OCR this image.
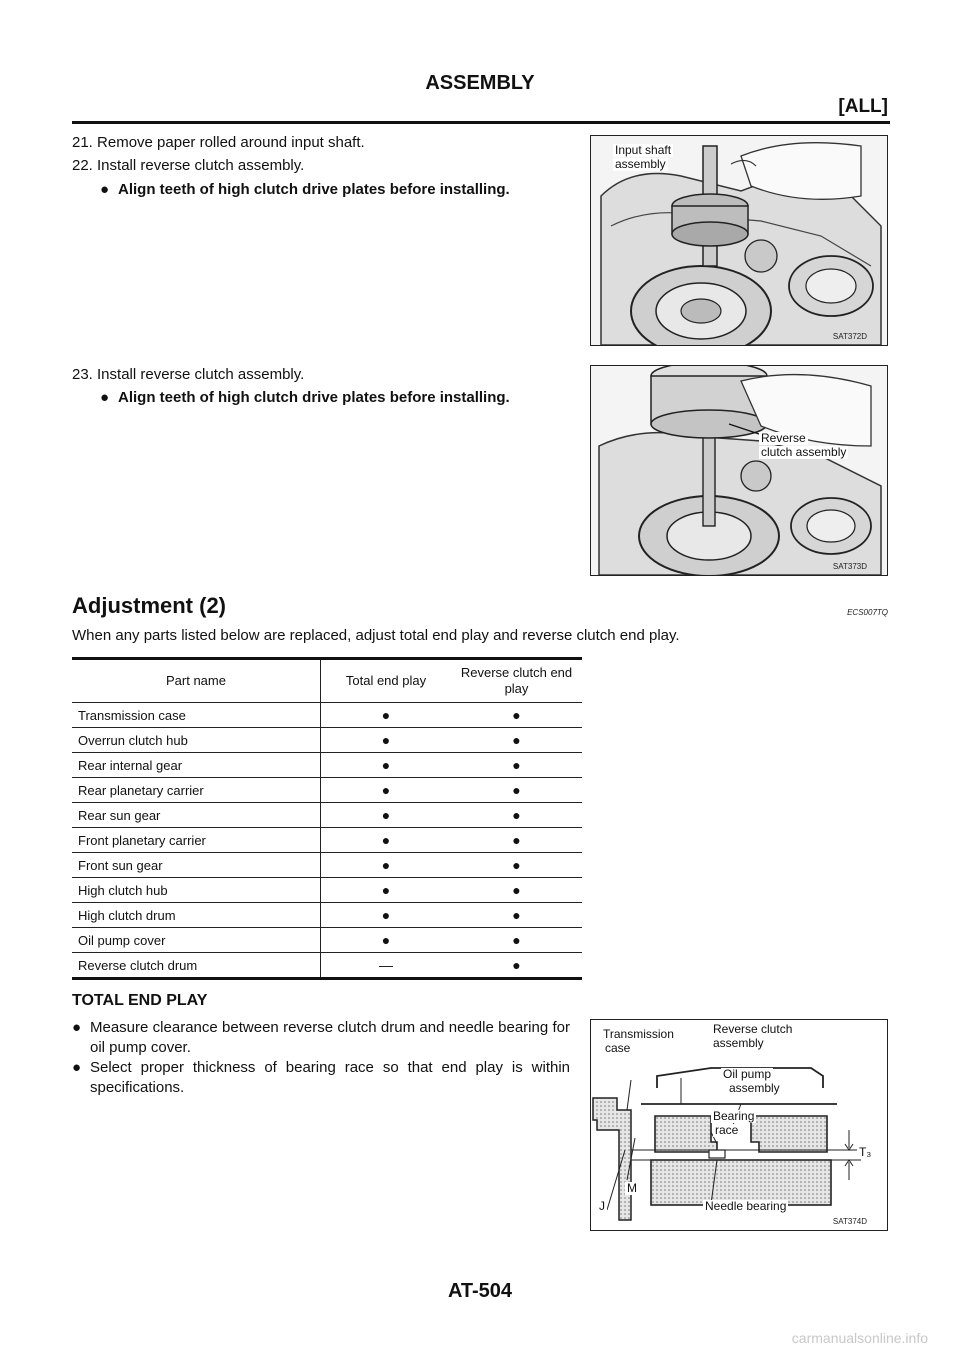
ASSEMBLY
[ALL]
21. Remove paper rolled around input shaft.
22. Install reverse clutch assembly.
● Align teeth of high clutch drive plates before installing.
23. Install reverse clutch assembly.
● Align teeth of high clutch drive plates before installing.
Input shaft
assembly
SAT372D
Reverse
clutch assembly
SAT373D
Adjustment (2)	ECS007TQ
When any parts listed below are replaced, adjust total end play and reverse clutch end play.
Part name	Total end play	Reverse clutch end play
Transmission case	●	●
Overrun clutch hub	●	●
Rear internal gear	●	●
Rear planetary carrier	●	●
Rear sun gear	●	●
Front planetary carrier	●	●
Front sun gear	●	●
High clutch hub	●	●
High clutch drum	●	●
Oil pump cover	●	●
Reverse clutch drum	—	●
TOTAL END PLAY
● Measure clearance between reverse clutch drum and needle bearing for oil pump cover.
● Select proper thickness of bearing race so that end play is within specifications.
Transmission
case
Reverse clutch
assembly
Oil pump
assembly
Bearing
race
T₃
J
M
Needle bearing
SAT374D
AT-504
carmanualsonline.info
